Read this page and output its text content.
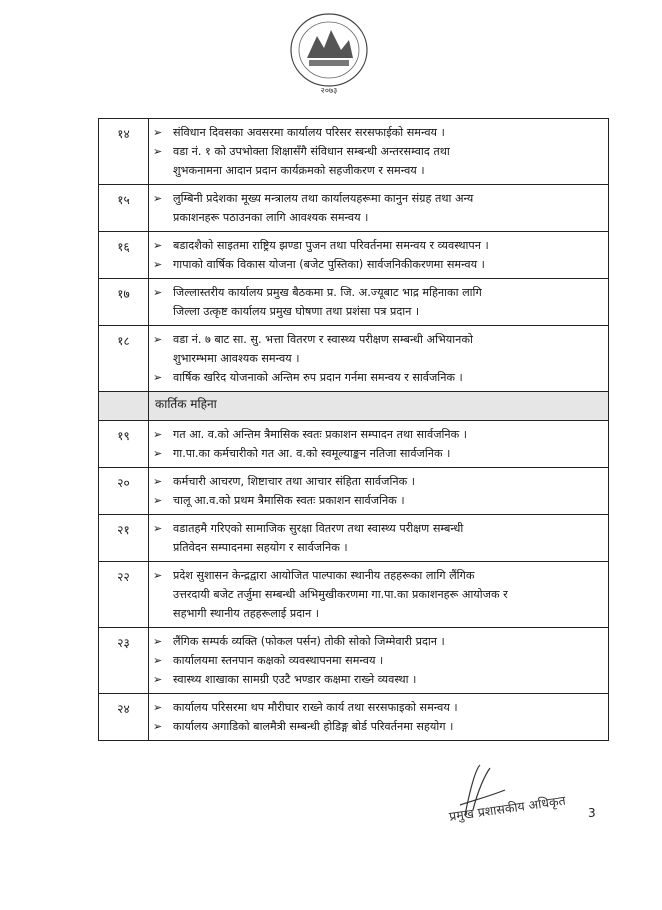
२०७३
१४	➢ संविधान दिवसका अवसरमा कार्यालय परिसर सरसफाईको समन्वय ।
➢ वडा नं. १ को उपभोक्ता शिक्षासँगै संविधान सम्बन्धी अन्तरसम्वाद तथा
शुभकनामना आदान प्रदान कार्यक्रमको सहजीकरण र समन्वय ।

१५	➢ लुम्बिनी प्रदेशका मूख्य मन्त्रालय तथा कार्यालयहरूमा कानुन संग्रह तथा अन्य
प्रकाशनहरू पठाउनका लागि आवश्यक समन्वय ।

१६	➢ बडादशैको साइतमा राष्ट्रिय झण्डा पुजन तथा परिवर्तनमा समन्वय र व्यवस्थापन ।
➢ गापाको वार्षिक विकास योजना (बजेट पुस्तिका) सार्वजनिकीकरणमा समन्वय ।

१७	➢ जिल्लास्तरीय कार्यालय प्रमुख बैठकमा प्र. जि. अ.ज्यूबाट भाद्र महिनाका लागि
जिल्ला उत्कृष्ट कार्यालय प्रमुख घोषणा तथा प्रशंसा पत्र प्रदान ।

१८	➢ वडा नं. ७ बाट सा. सु. भत्ता वितरण र स्वास्थ्य परीक्षण सम्बन्धी अभियानको
शुभारम्भमा आवश्यक समन्वय ।
➢ वार्षिक खरिद योजनाको अन्तिम रुप प्रदान गर्नमा समन्वय र सार्वजनिक ।

	कार्तिक महिना
१९	➢ गत आ. व.को अन्तिम त्रैमासिक स्वतः प्रकाशन सम्पादन तथा सार्वजनिक ।
➢ गा.पा.का कर्मचारीको गत आ. व.को स्वमूल्याङ्कन नतिजा सार्वजनिक ।

२०	➢ कर्मचारी आचरण, शिष्टाचार तथा आचार संहिता सार्वजनिक ।
➢ चालू आ.व.को प्रथम त्रैमासिक स्वतः प्रकाशन सार्वजनिक ।

२१	➢ वडातहमै गरिएको सामाजिक सुरक्षा वितरण तथा स्वास्थ्य परीक्षण सम्बन्धी
प्रतिवेदन सम्पादनमा सहयोग र सार्वजनिक ।

२२	➢ प्रदेश सुशासन केन्द्रद्वारा आयोजित पाल्पाका स्थानीय तहहरूका लागि लैंगिक
उत्तरदायी बजेट तर्जुमा सम्बन्धी अभिमुखीकरणमा गा.पा.का प्रकाशनहरू आयोजक र
सहभागी स्थानीय तहहरूलाई प्रदान ।

२३	➢ लैंगिक सम्पर्क व्यक्ति (फोकल पर्सन) तोकी सोको जिम्मेवारी प्रदान ।
➢ कार्यालयमा स्तनपान कक्षको व्यवस्थापनमा समन्वय ।
➢ स्वास्थ्य शाखाका सामग्री एउटै भण्डार कक्षमा राख्ने व्यवस्था ।

२४	➢ कार्यालय परिसरमा थप मौरीघार राख्ने कार्य तथा सरसफाइको समन्वय ।
➢ कार्यालय अगाडिको बालमैत्री सम्बन्धी होडिङ्ग बोर्ड परिवर्तनमा सहयोग ।
प्रमुख प्रशासकीय अधिकृत 3
